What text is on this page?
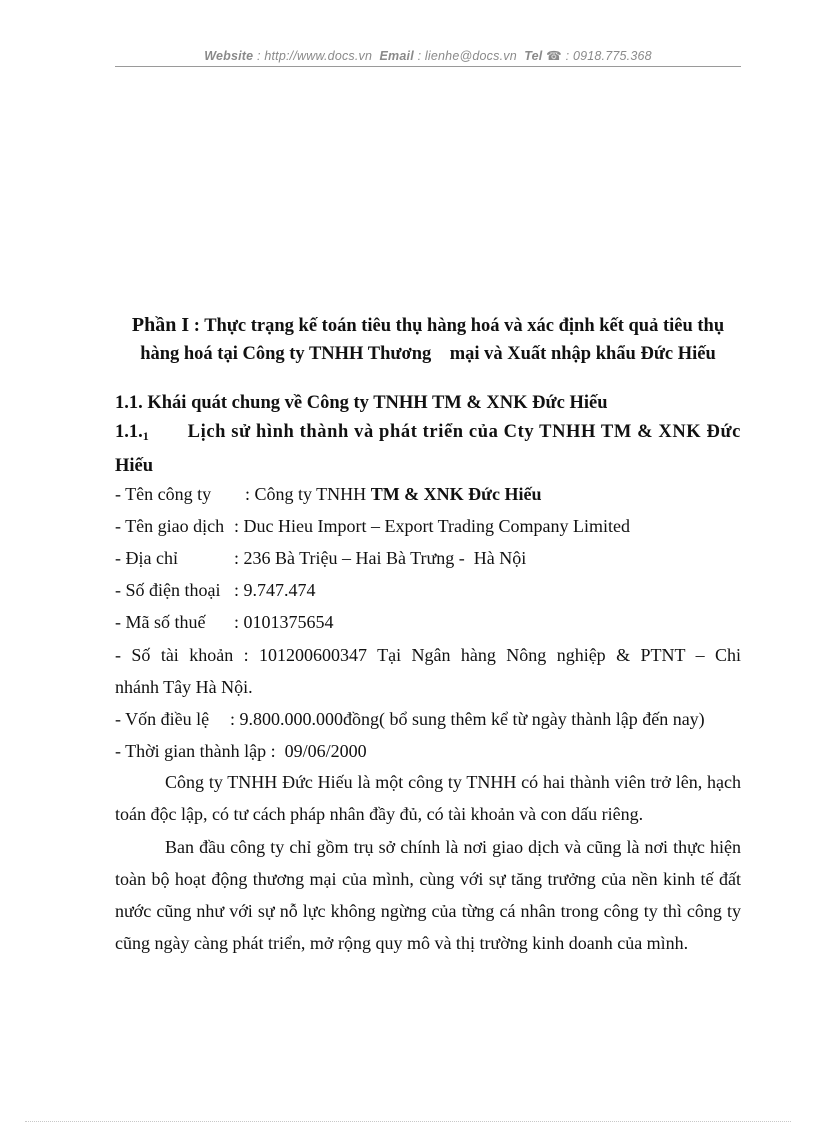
Website : http://www.docs.vn Email : lienhe@docs.vn Tel ☎ : 0918.775.368
Phần I : Thực trạng kế toán tiêu thụ hàng hoá và xác định kết quả tiêu thụ
hàng hoá tại Công ty TNHH Thương    mại và Xuất nhập khẩu Đức Hiếu
1.1. Khái quát chung về Công ty TNHH TM & XNK Đức Hiếu
$1.1._1$	Lịch sử hình thành và phát triển của Cty TNHH TM & XNK Đức
Hiếu
- Tên công ty : Công ty TNHH TM & XNK Đức Hiếu
- Tên giao dịch : Duc Hieu Import – Export Trading Company Limited
- Địa chỉ	: 236 Bà Triệu – Hai Bà Trưng -  Hà Nội
- Số điện thoại : 9.747.474
- Mã số thuế : 0101375654
- Số tài khoản : 101200600347 Tại Ngân hàng Nông nghiệp & PTNT – Chi
nhánh Tây Hà Nội.
- Vốn điều lệ : 9.800.000.000đồng( bổ sung thêm kể từ ngày thành lập đến nay)
- Thời gian thành lập :  09/06/2000
Công ty TNHH Đức Hiếu là một công ty TNHH có hai thành viên trở lên, hạch toán độc lập, có tư cách pháp nhân đầy đủ, có tài khoản và con dấu riêng.
Ban đầu công ty chỉ gồm trụ sở chính là nơi giao dịch và cũng là nơi thực hiện toàn bộ hoạt động thương mại của mình, cùng với sự tăng trưởng của nền kinh tế đất nước cũng như với sự nỗ lực không ngừng của từng cá nhân trong công ty thì công ty cũng ngày càng phát triển, mở rộng quy mô và thị trường kinh doanh của mình.
